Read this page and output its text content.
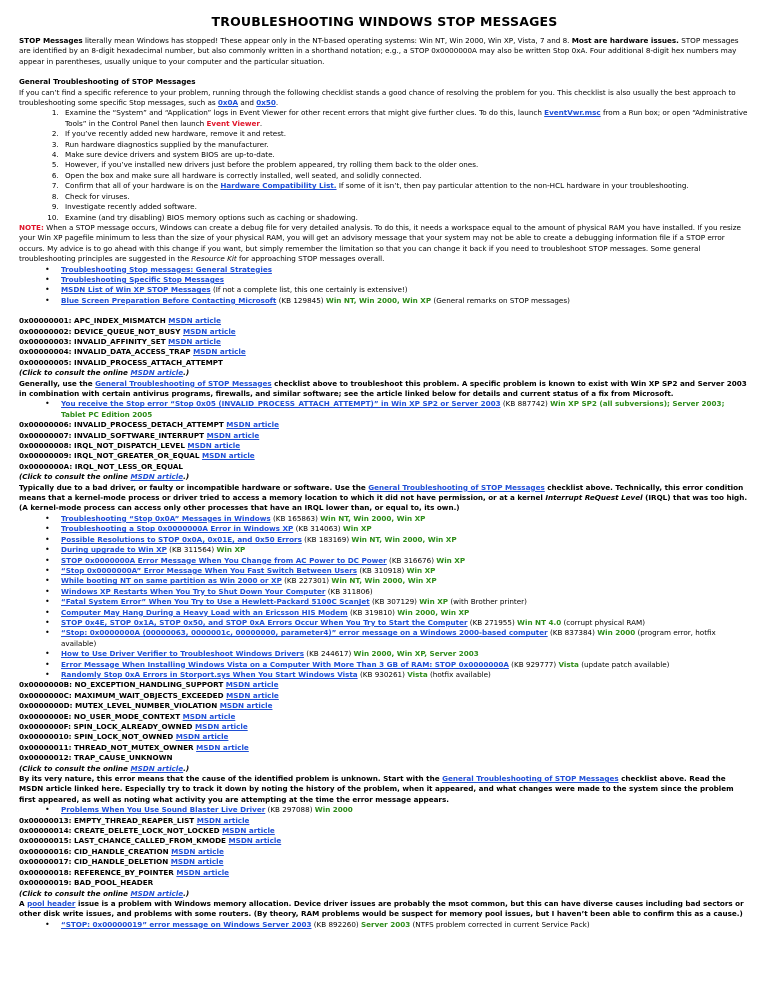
TROUBLESHOOTING WINDOWS STOP MESSAGES

STOP Messages literally mean Windows has stopped! These appear only in the NT-based operating systems: Win NT, Win 2000, Win XP, Vista, 7 and 8. Most are hardware issues. STOP messages are identified by an 8-digit hexadecimal number, but also commonly written in a shorthand notation; e.g., a STOP 0x0000000A may also be written Stop 0xA. Four additional 8-digit hex numbers may appear in parentheses, usually unique to your computer and the particular situation.

General Troubleshooting of STOP Messages

If you can’t find a specific reference to your problem, running through the following checklist stands a good chance of resolving the problem for you. This checklist is also usually the best approach to troubleshooting some specific Stop messages, such as 0x0A and 0x50.

1. Examine the “System” and “Application” logs in Event Viewer for other recent errors that might give further clues. To do this, launch EventVwr.msc from a Run box; or open “Administrative Tools” in the Control Panel then launch Event Viewer.
2. If you’ve recently added new hardware, remove it and retest.
3. Run hardware diagnostics supplied by the manufacturer.
4. Make sure device drivers and system BIOS are up-to-date.
5. However, if you’ve installed new drivers just before the problem appeared, try rolling them back to the older ones.
6. Open the box and make sure all hardware is correctly installed, well seated, and solidly connected.
7. Confirm that all of your hardware is on the Hardware Compatibility List. If some of it isn’t, then pay particular attention to the non-HCL hardware in your troubleshooting.
8. Check for viruses.
9. Investigate recently added software.
10. Examine (and try disabling) BIOS memory options such as caching or shadowing.

NOTE: When a STOP message occurs, Windows can create a debug file for very detailed analysis. To do this, it needs a workspace equal to the amount of physical RAM you have installed. If you resize your Win XP pagefile minimum to less than the size of your physical RAM, you will get an advisory message that your system may not be able to create a debugging information file if a STOP error occurs. My advice is to go ahead with this change if you want, but simply remember the limitation so that you can change it back if you need to troubleshoot STOP messages. Some general troubleshooting principles are suggested in the Resource Kit for approaching STOP messages overall.

• Troubleshooting Stop messages: General Strategies
• Troubleshooting Specific Stop Messages
• MSDN List of Win XP STOP Messages (If not a complete list, this one certainly is extensive!)
• Blue Screen Preparation Before Contacting Microsoft (KB 129845) Win NT, Win 2000, Win XP (General remarks on STOP messages)

0x00000001: APC_INDEX_MISMATCH MSDN article

0x00000002: DEVICE_QUEUE_NOT_BUSY MSDN article

0x00000003: INVALID_AFFINITY_SET MSDN article

0x00000004: INVALID_DATA_ACCESS_TRAP MSDN article

0x00000005: INVALID_PROCESS_ATTACH_ATTEMPT

(Click to consult the online MSDN article.)

Generally, use the General Troubleshooting of STOP Messages checklist above to troubleshoot this problem. A specific problem is known to exist with Win XP SP2 and Server 2003 in combination with certain antivirus programs, firewalls, and similar software; see the article linked below for details and current status of a fix from Microsoft.

• You receive the Stop error “Stop 0x05 (INVALID_PROCESS_ATTACH_ATTEMPT)” in Win XP SP2 or Server 2003 (KB 887742) Win XP SP2 (all subversions); Server 2003; Tablet PC Edition 2005

0x00000006: INVALID_PROCESS_DETACH_ATTEMPT MSDN article

0x00000007: INVALID_SOFTWARE_INTERRUPT MSDN article

0x00000008: IRQL_NOT_DISPATCH_LEVEL MSDN article

0x00000009: IRQL_NOT_GREATER_OR_EQUAL MSDN article

0x0000000A: IRQL_NOT_LESS_OR_EQUAL

(Click to consult the online MSDN article.)

Typically due to a bad driver, or faulty or incompatible hardware or software. Use the General Troubleshooting of STOP Messages checklist above. Technically, this error condition means that a kernel-mode process or driver tried to access a memory location to which it did not have permission, or at a kernel Interrupt ReQuest Level (IRQL) that was too high. (A kernel-mode process can access only other processes that have an IRQL lower than, or equal to, its own.)

• Troubleshooting “Stop 0x0A” Messages in Windows (KB 165863) Win NT, Win 2000, Win XP
• Troubleshooting a Stop 0x0000000A Error in Windows XP (KB 314063) Win XP
• Possible Resolutions to STOP 0x0A, 0x01E, and 0x50 Errors (KB 183169) Win NT, Win 2000, Win XP
• During upgrade to Win XP (KB 311564) Win XP
• STOP 0x0000000A Error Message When You Change from AC Power to DC Power (KB 316676) Win XP
• “Stop 0x0000000A” Error Message When You Fast Switch Between Users (KB 310918) Win XP
• While booting NT on same partition as Win 2000 or XP (KB 227301) Win NT, Win 2000, Win XP
• Windows XP Restarts When You Try to Shut Down Your Computer (KB 311806)
• “Fatal System Error” When You Try to Use a Hewlett-Packard 5100C ScanJet (KB 307129) Win XP (with Brother printer)
• Computer May Hang During a Heavy Load with an Ericsson HIS Modem (KB 319810) Win 2000, Win XP
• STOP 0x4E, STOP 0x1A, STOP 0x50, and STOP 0xA Errors Occur When You Try to Start the Computer (KB 271955) Win NT 4.0 (corrupt physical RAM)
• “Stop: 0x0000000A (00000063, 0000001c, 00000000, parameter4)” error message on a Windows 2000-based computer (KB 837384) Win 2000 (program error, hotfix available)
• How to Use Driver Verifier to Troubleshoot Windows Drivers (KB 244617) Win 2000, Win XP, Server 2003
• Error Message When Installing Windows Vista on a Computer With More Than 3 GB of RAM: STOP 0x0000000A (KB 929777) Vista (update patch available)
• Randomly Stop 0xA Errors in Storport.sys When You Start Windows Vista (KB 930261) Vista (hotfix available)

0x0000000B: NO_EXCEPTION_HANDLING_SUPPORT MSDN article

0x0000000C: MAXIMUM_WAIT_OBJECTS_EXCEEDED MSDN article

0x0000000D: MUTEX_LEVEL_NUMBER_VIOLATION MSDN article

0x0000000E: NO_USER_MODE_CONTEXT MSDN article

0x0000000F: SPIN_LOCK_ALREADY_OWNED MSDN article

0x00000010: SPIN_LOCK_NOT_OWNED MSDN article

0x00000011: THREAD_NOT_MUTEX_OWNER MSDN article

0x00000012: TRAP_CAUSE_UNKNOWN

(Click to consult the online MSDN article.)

By its very nature, this error means that the cause of the identified problem is unknown. Start with the General Troubleshooting of STOP Messages checklist above. Read the MSDN article linked here. Especially try to track it down by noting the history of the problem, when it appeared, and what changes were made to the system since the problem first appeared, as well as noting what activity you are attempting at the time the error message appears.

• Problems When You Use Sound Blaster Live Driver (KB 297088) Win 2000

0x00000013: EMPTY_THREAD_REAPER_LIST MSDN article

0x00000014: CREATE_DELETE_LOCK_NOT_LOCKED MSDN article

0x00000015: LAST_CHANCE_CALLED_FROM_KMODE MSDN article

0x00000016: CID_HANDLE_CREATION MSDN article

0x00000017: CID_HANDLE_DELETION MSDN article

0x00000018: REFERENCE_BY_POINTER MSDN article

0x00000019: BAD_POOL_HEADER

(Click to consult the online MSDN article.)

A pool header issue is a problem with Windows memory allocation. Device driver issues are probably the msot common, but this can have diverse causes including bad sectors or other disk write issues, and problems with some routers. (By theory, RAM problems would be suspect for memory pool issues, but I haven’t been able to confirm this as a cause.)

• “STOP: 0x00000019” error message on Windows Server 2003 (KB 892260) Server 2003 (NTFS problem corrected in current Service Pack)
